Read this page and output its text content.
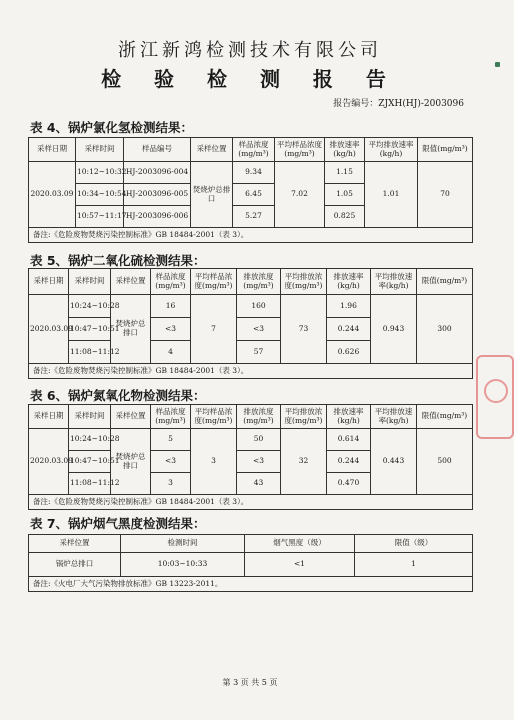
浙江新鸿检测技术有限公司
检 验 检 测 报 告
报告编号：ZJXH(HJ)-2003096
表 4、锅炉氯化氢检测结果：
采样日期	采样时间	样品编号	采样位置	样品浓度(mg/m³)	平均样品浓度(mg/m³)	排放速率(kg/h)	平均排放速率(kg/h)	限值(mg/m³)
2020.03.09	10:12~10:32	HJ-2003096-004	焚烧炉总排口	9.34	7.02	1.15	1.01	70
	10:34~10:54	HJ-2003096-005		6.45		1.05		
	10:57~11:17	HJ-2003096-006		5.27		0.825		
备注:《危险废物焚烧污染控制标准》GB 18484-2001（表 3）。								
表 5、锅炉二氧化硫检测结果：
采样日期	采样时间	采样位置	样品浓度(mg/m³)	平均样品浓度(mg/m³)	排放浓度(mg/m³)	平均排放浓度(mg/m³)	排放速率(kg/h)	平均排放速率(kg/h)	限值(mg/m³)
2020.03.09	10:24~10:28	焚烧炉总排口	16	7	160	73	1.96	0.943	300
	10:47~10:51		<3		<3		0.244		
	11:08~11:12		4		57		0.626		
备注:《危险废物焚烧污染控制标准》GB 18484-2001（表 3）。									
表 6、锅炉氮氧化物检测结果：
采样日期	采样时间	采样位置	样品浓度(mg/m³)	平均样品浓度(mg/m³)	排放浓度(mg/m³)	平均排放浓度(mg/m³)	排放速率(kg/h)	平均排放速率(kg/h)	限值(mg/m³)
2020.03.09	10:24~10:28	焚烧炉总排口	5	3	50	32	0.614	0.443	500
	10:47~10:51		<3		<3		0.244		
	11:08~11:12		3		43		0.470		
备注:《危险废物焚烧污染控制标准》GB 18484-2001（表 3）。									
表 7、锅炉烟气黑度检测结果：
采样位置	检测时间	烟气黑度（级）	限值（级）
锅炉总排口	10:03~10:33	<1	1
备注:《火电厂大气污染物排放标准》GB 13223-2011。			
第 3 页 共 5 页
